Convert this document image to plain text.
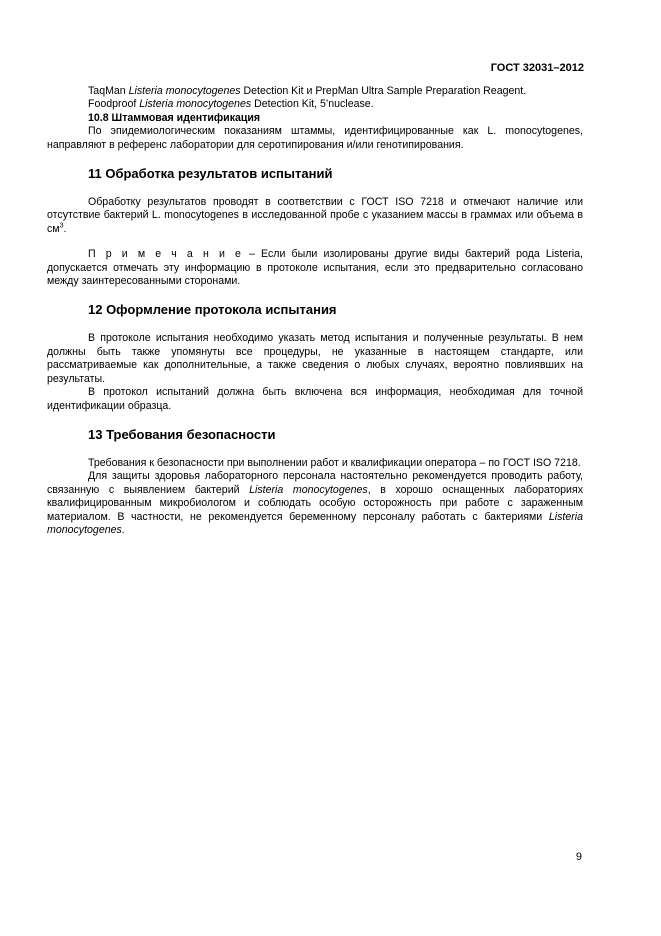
ГОСТ 32031–2012

TaqMan Listeria monocytogenes Detection Kit и PrepMan Ultra Sample Preparation Reagent.

Foodproof Listeria monocytogenes Detection Kit, 5’nuclease.

10.8 Штаммовая идентификация

По эпидемиологическим показаниям штаммы, идентифицированные как L. monocytogenes, направляют в референс лаборатории для серотипирования и/или генотипирования.

11 Обработка результатов испытаний

Обработку результатов проводят в соответствии с ГОСТ ISO 7218 и отмечают наличие или отсутствие бактерий L. monocytogenes в исследованной пробе с указанием массы в граммах или объема в $см^3$.

П р и м е ч а н и е – Если были изолированы другие виды бактерий рода Listeria, допускается отмечать эту информацию в протоколе испытания, если это предварительно согласовано между заинтересованными сторонами.

12 Оформление протокола испытания

В протоколе испытания необходимо указать метод испытания и полученные результаты. В нем должны быть также упомянуты все процедуры, не указанные в настоящем стандарте, или рассматриваемые как дополнительные, а также сведения о любых случаях, вероятно повлиявших на результаты.

В протокол испытаний должна быть включена вся информация, необходимая для точной идентификации образца.

13 Требования безопасности

Требования к безопасности при выполнении работ и квалификации оператора – по ГОСТ ISO 7218.

Для защиты здоровья лабораторного персонала настоятельно рекомендуется проводить работу, связанную с выявлением бактерий Listeria monocytogenes, в хорошо оснащенных лабораториях квалифицированным микробиологом и соблюдать особую осторожность при работе с зараженным материалом. В частности, не рекомендуется беременному персоналу работать с бактериями Listeria monocytogenes.

9
